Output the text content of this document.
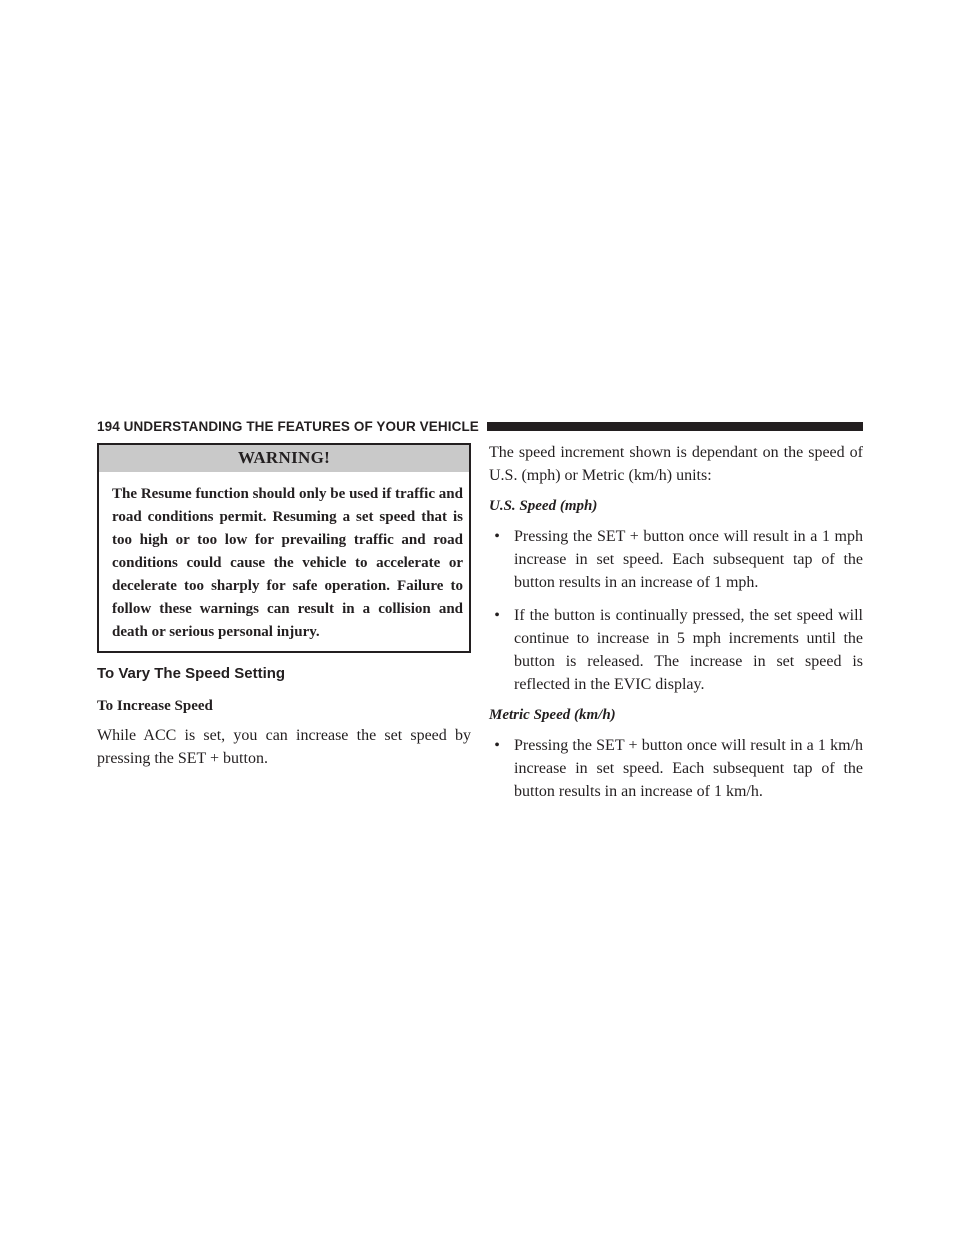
194 UNDERSTANDING THE FEATURES OF YOUR VEHICLE
WARNING!
The Resume function should only be used if traffic and road conditions permit. Resuming a set speed that is too high or too low for prevailing traffic and road conditions could cause the vehicle to accelerate or decelerate too sharply for safe operation. Failure to follow these warnings can result in a collision and death or serious personal injury.
To Vary The Speed Setting
To Increase Speed

While ACC is set, you can increase the set speed by pressing the SET + button.

The speed increment shown is dependant on the speed of U.S. (mph) or Metric (km/h) units:

U.S. Speed (mph)
• Pressing the SET + button once will result in a 1 mph increase in set speed. Each subsequent tap of the button results in an increase of 1 mph.
• If the button is continually pressed, the set speed will continue to increase in 5 mph increments until the button is released. The increase in set speed is reflected in the EVIC display.
Metric Speed (km/h)
• Pressing the SET + button once will result in a 1 km/h increase in set speed. Each subsequent tap of the button results in an increase of 1 km/h.
